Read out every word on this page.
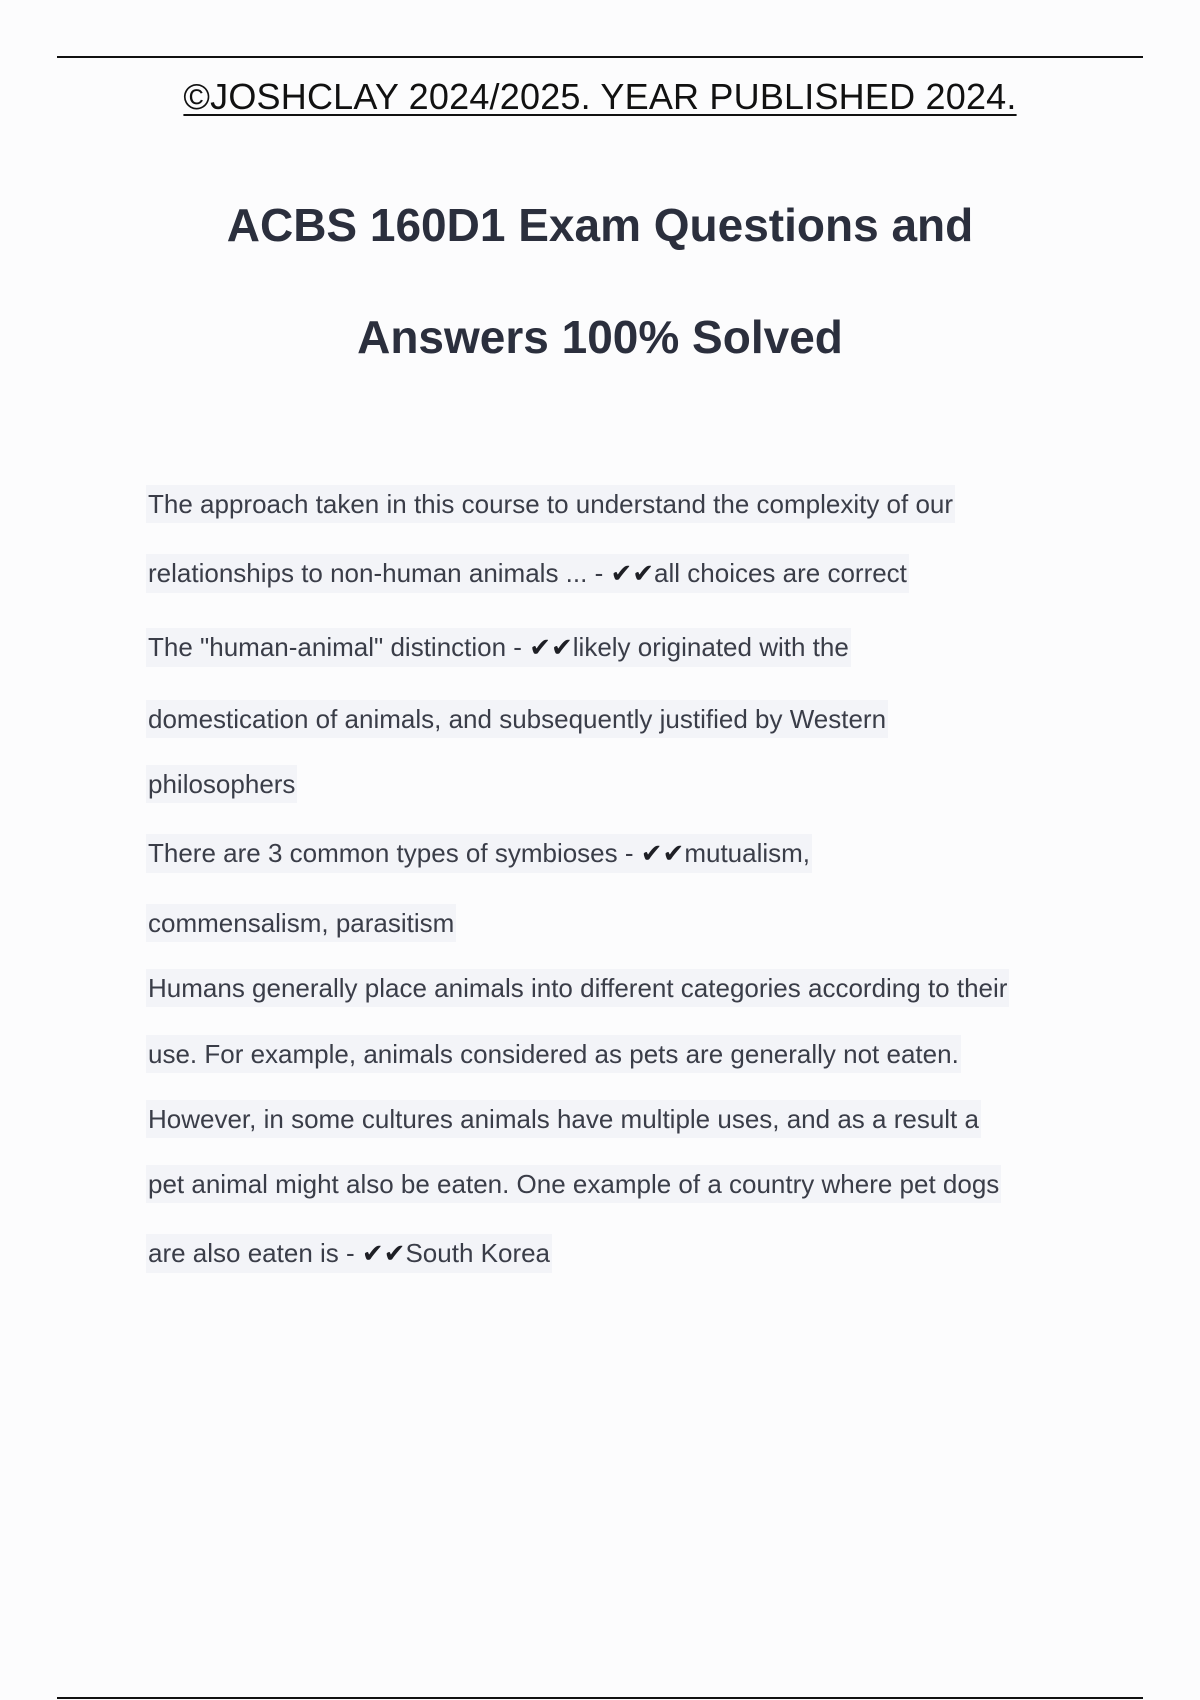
©JOSHCLAY 2024/2025. YEAR PUBLISHED 2024.
ACBS 160D1 Exam Questions and
Answers 100% Solved
The approach taken in this course to understand the complexity of our
relationships to non-human animals ... - ✔✔all choices are correct
The "human-animal" distinction - ✔✔likely originated with the
domestication of animals, and subsequently justified by Western
philosophers
There are 3 common types of symbioses - ✔✔mutualism,
commensalism, parasitism
Humans generally place animals into different categories according to their
use. For example, animals considered as pets are generally not eaten.
However, in some cultures animals have multiple uses, and as a result a
pet animal might also be eaten. One example of a country where pet dogs
are also eaten is - ✔✔South Korea
